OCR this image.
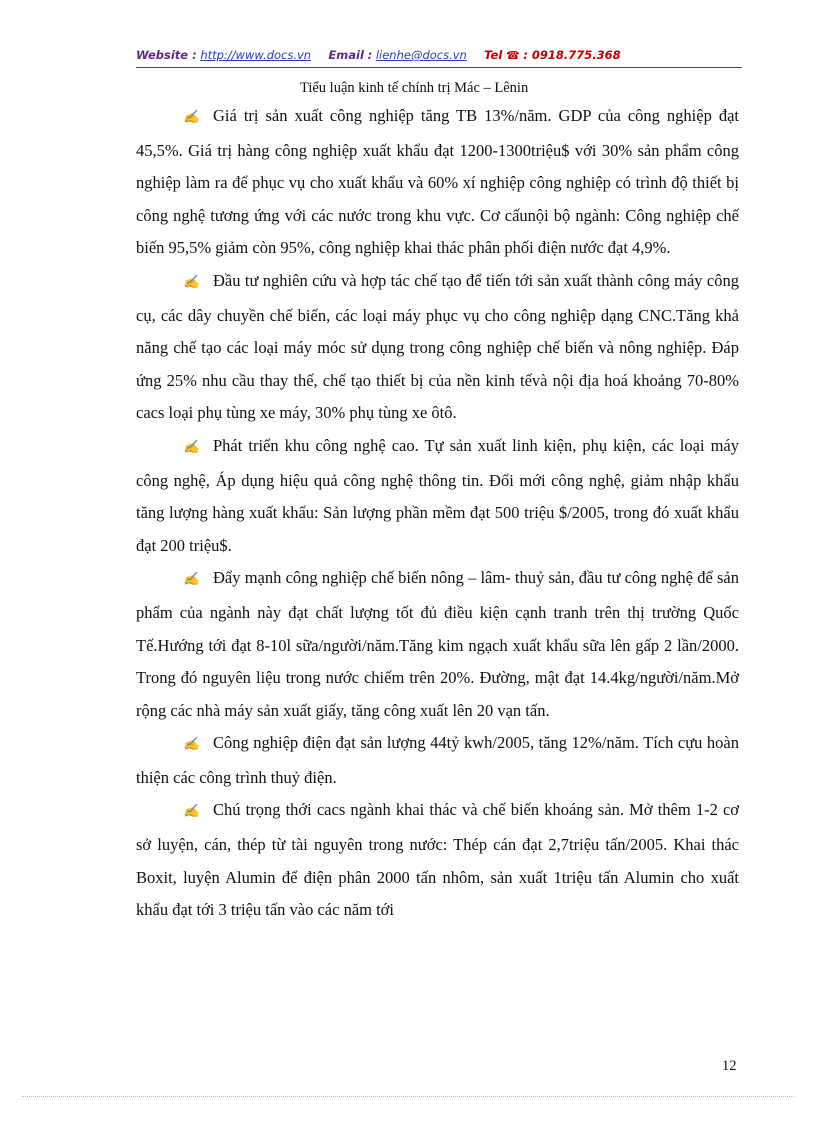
Website : http://www.docs.vn Email : lienhe@docs.vn Tel ☎ : 0918.775.368
Tiểu luận kinh tế chính trị Mác – Lênin

✍ Giá trị sản xuất công nghiệp tăng TB 13%/năm. GDP của công nghiệp đạt 45,5%. Giá trị hàng công nghiệp xuất khẩu đạt 1200-1300triệu$ với 30% sản phẩm công nghiệp làm ra để phục vụ cho xuất khẩu và 60% xí nghiệp công nghiệp có trình độ thiết bị công nghệ tương ứng với các nước trong khu vực. Cơ cấunội bộ ngành: Công nghiệp chế biến 95,5% giảm còn 95%, công nghiệp khai thác phân phối điện nước đạt 4,9%.

✍ Đầu tư nghiên cứu và hợp tác chế tạo để tiến tới sản xuất thành công máy công cụ, các dây chuyền chế biến, các loại máy phục vụ cho công nghiệp dạng CNC.Tăng khả năng chế tạo các loại máy móc sử dụng trong công nghiệp chế biến và nông nghiệp. Đáp ứng 25% nhu cầu thay thế, chế tạo thiết bị của nền kinh tếvà nội địa hoá khoảng 70-80% cacs loại phụ tùng xe máy, 30% phụ tùng xe ôtô.

✍ Phát triển khu công nghệ cao. Tự sản xuất linh kiện, phụ kiện, các loại máy công nghệ, Áp dụng hiệu quả công nghệ thông tin. Đổi mới công nghệ, giảm nhập khẩu tăng lượng hàng xuất khẩu: Sản lượng phần mềm đạt 500 triệu $/2005, trong đó xuất khẩu đạt 200 triệu$.

✍ Đẩy mạnh công nghiệp chế biến nông – lâm- thuỷ sản, đầu tư công nghệ để sản phẩm của ngành này đạt chất lượng tốt đủ điều kiện cạnh tranh trên thị trường Quốc Tế.Hướng tới đạt 8-10l sữa/người/năm.Tăng kim ngạch xuất khẩu sữa lên gấp 2 lần/2000. Trong đó nguyên liệu trong nước chiếm trên 20%. Đường, mật đạt 14.4kg/người/năm.Mở rộng các nhà máy sản xuất giấy, tăng công xuất lên 20 vạn tấn.

✍ Công nghiệp điện đạt sản lượng 44tỷ kwh/2005, tăng 12%/năm. Tích cựu hoàn thiện các công trình thuỷ điện.

✍ Chú trọng thới cacs ngành khai thác và chế biến khoáng sản. Mở thêm 1-2 cơ sở luyện, cán, thép từ tài nguyên trong nước: Thép cán đạt 2,7triệu tấn/2005. Khai thác Boxit, luyện Alumin để điện phân 2000 tấn nhôm, sản xuất 1triệu tấn Alumin cho xuất khẩu đạt tới 3 triệu tấn vào các năm tới

12
